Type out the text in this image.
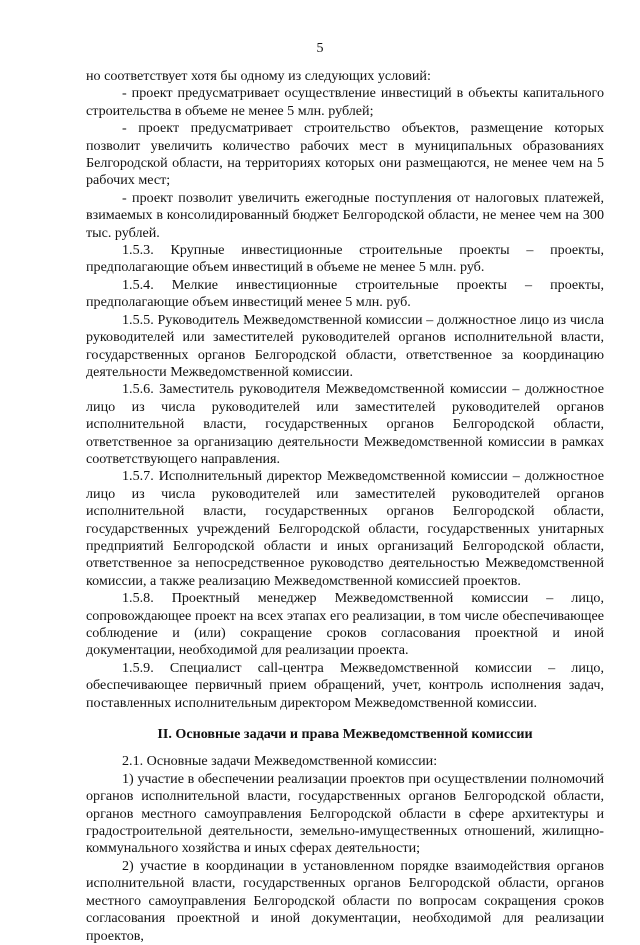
5

но соответствует хотя бы одному из следующих условий:

- проект предусматривает осуществление инвестиций в объекты капитального строительства в объеме не менее 5 млн. рублей;

- проект предусматривает строительство объектов, размещение которых позволит увеличить количество рабочих мест в муниципальных образованиях Белгородской области, на территориях которых они размещаются, не менее чем на 5 рабочих мест;

- проект позволит увеличить ежегодные поступления от налоговых платежей, взимаемых в консолидированный бюджет Белгородской области, не менее чем на 300 тыс. рублей.

1.5.3. Крупные инвестиционные строительные проекты – проекты, предполагающие объем инвестиций в объеме не менее 5 млн. руб.

1.5.4. Мелкие инвестиционные строительные проекты – проекты, предполагающие объем инвестиций менее 5 млн. руб.

1.5.5. Руководитель Межведомственной комиссии – должностное лицо из числа руководителей или заместителей руководителей органов исполнительной власти, государственных органов Белгородской области, ответственное за координацию деятельности Межведомственной комиссии.

1.5.6. Заместитель руководителя Межведомственной комиссии – должностное лицо из числа руководителей или заместителей руководителей органов исполнительной власти, государственных органов Белгородской области, ответственное за организацию деятельности Межведомственной комиссии в рамках соответствующего направления.

1.5.7. Исполнительный директор Межведомственной комиссии – должностное лицо из числа руководителей или заместителей руководителей органов исполнительной власти, государственных органов Белгородской области, государственных учреждений Белгородской области, государственных унитарных предприятий Белгородской области и иных организаций Белгородской области, ответственное за непосредственное руководство деятельностью Межведомственной комиссии, а также реализацию Межведомственной комиссией проектов.

1.5.8. Проектный менеджер Межведомственной комиссии – лицо, сопровождающее проект на всех этапах его реализации, в том числе обеспечивающее соблюдение и (или) сокращение сроков согласования проектной и иной документации, необходимой для реализации проекта.

1.5.9. Специалист call-центра Межведомственной комиссии – лицо, обеспечивающее первичный прием обращений, учет, контроль исполнения задач, поставленных исполнительным директором Межведомственной комиссии.

II. Основные задачи и права Межведомственной комиссии

2.1. Основные задачи Межведомственной комиссии:

1) участие в обеспечении реализации проектов при осуществлении полномочий органов исполнительной власти, государственных органов Белгородской области, органов местного самоуправления Белгородской области в сфере архитектуры и градостроительной деятельности, земельно-имущественных отношений, жилищно-коммунального хозяйства и иных сферах деятельности;

2) участие в координации в установленном порядке взаимодействия органов исполнительной власти, государственных органов Белгородской области, органов местного самоуправления Белгородской области по вопросам сокращения сроков согласования проектной и иной документации, необходимой для реализации проектов,
